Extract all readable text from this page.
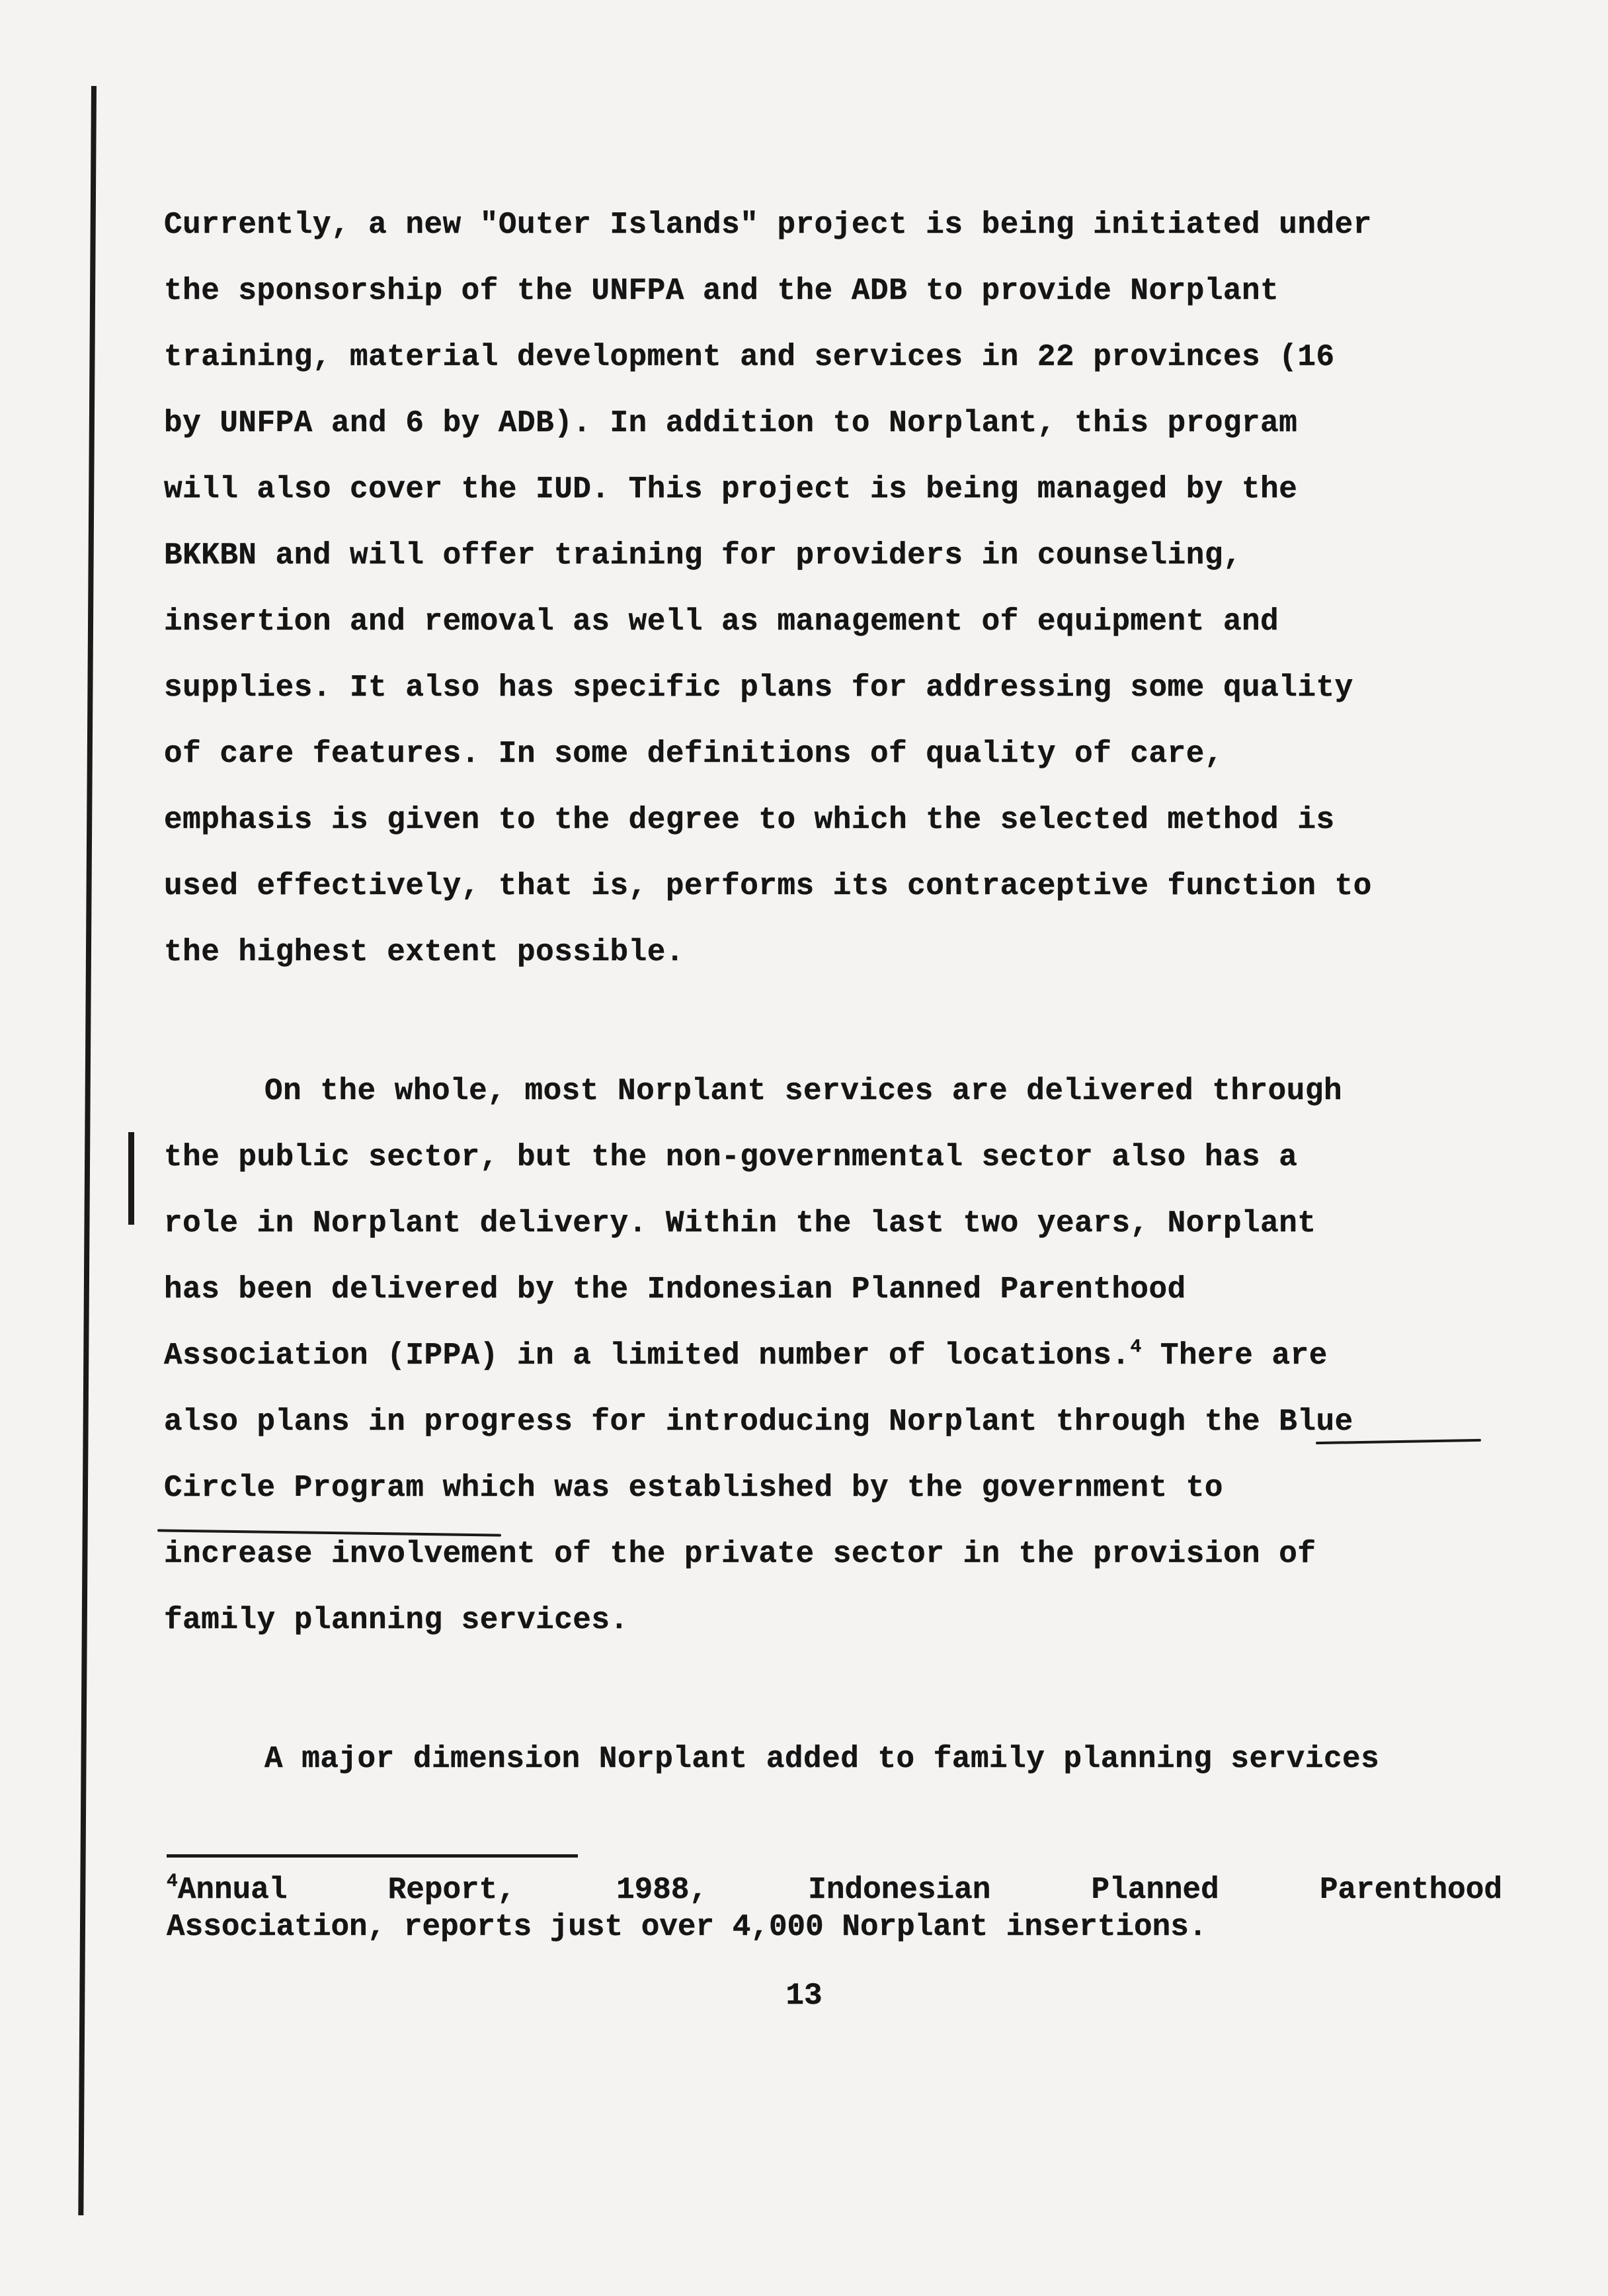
Currently, a new "Outer Islands" project is being initiated under
the sponsorship of the UNFPA and the ADB to provide Norplant
training, material development and services in 22 provinces (16
by UNFPA and 6 by ADB). In addition to Norplant, this program
will also cover the IUD. This project is being managed by the
BKKBN and will offer training for providers in counseling,
insertion and removal as well as management of equipment and
supplies. It also has specific plans for addressing some quality
of care features. In some definitions of quality of care,
emphasis is given to the degree to which the selected method is
used effectively, that is, performs its contraceptive function to
the highest extent possible.
On the whole, most Norplant services are delivered through
the public sector, but the non-governmental sector also has a
role in Norplant delivery. Within the last two years, Norplant
has been delivered by the Indonesian Planned Parenthood
Association (IPPA) in a limited number of locations.$^4$ There are
also plans in progress for introducing Norplant through the Blue
Circle Program which was established by the government to
increase involvement of the private sector in the provision of
family planning services.
A major dimension Norplant added to family planning services
$^4$Annual	Report,	1988,	Indonesian	Planned	Parenthood
Association, reports just over 4,000 Norplant insertions.
13
